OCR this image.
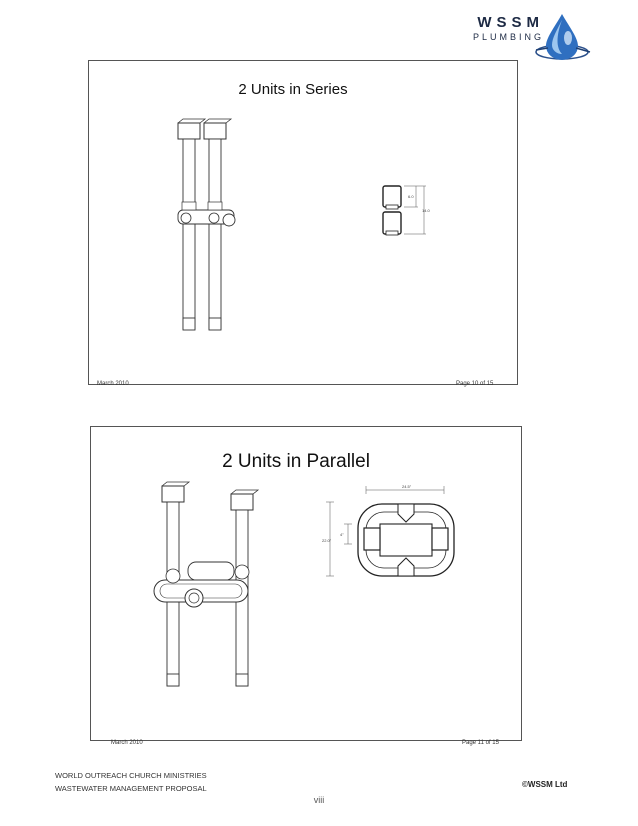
WSSM
PLUMBING
2 Units in Series
6.0
14.0
March 2010	Page 10 of 15
2 Units in Parallel
24.5"
4"
22.0"
March 2010	Page 11 of 15
WORLD OUTREACH CHURCH MINISTRIES
WASTEWATER MANAGEMENT PROPOSAL	©WSSM Ltd
viii
